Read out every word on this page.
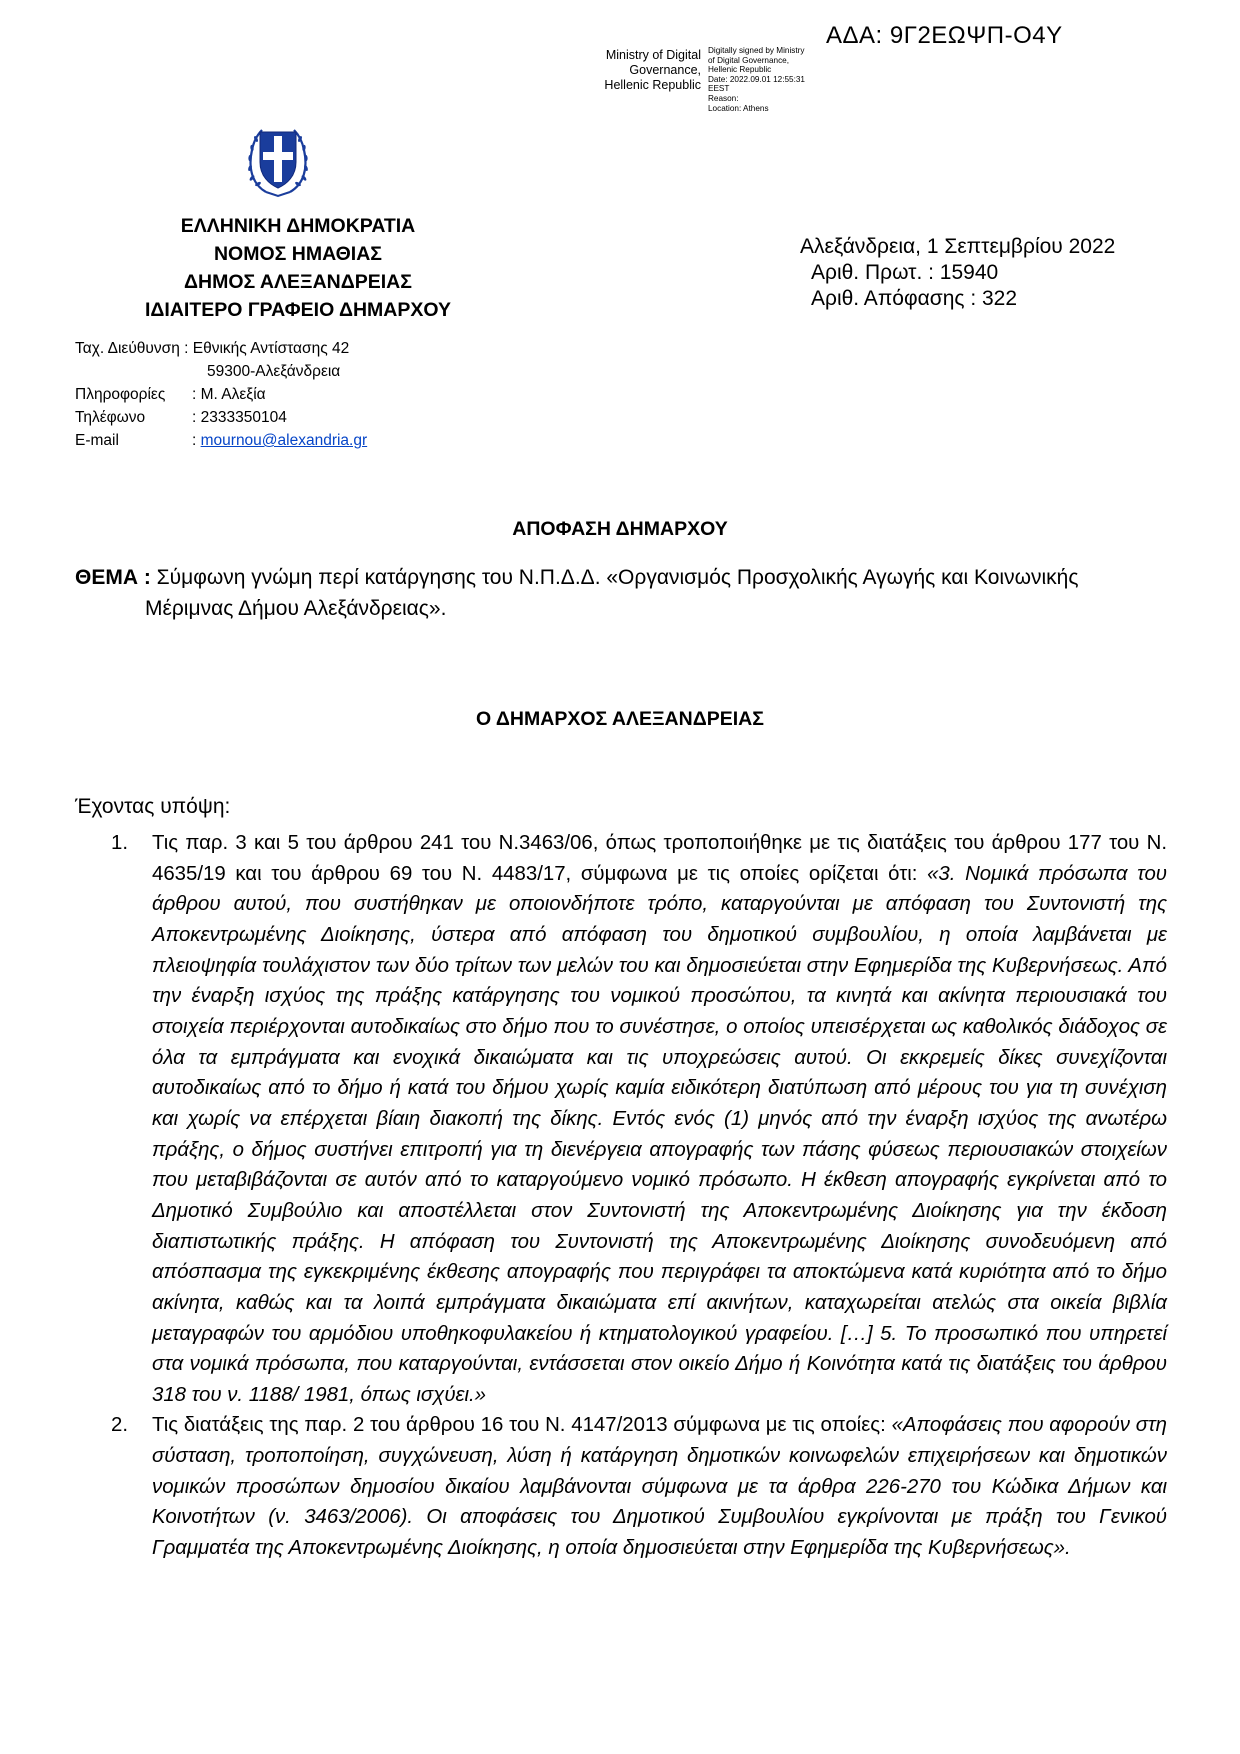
ΑΔΑ: 9Γ2ΕΩΨΠ-Ο4Υ
Ministry of Digital
Governance,
Hellenic Republic
Digitally signed by Ministry
of Digital Governance,
Hellenic Republic
Date: 2022.09.01 12:55:31
EEST
Reason:
Location: Athens
ΕΛΛΗΝΙΚΗ ΔΗΜΟΚΡΑΤΙΑ
ΝΟΜΟΣ ΗΜΑΘΙΑΣ
ΔΗΜΟΣ ΑΛΕΞΑΝΔΡΕΙΑΣ
ΙΔΙΑΙΤΕΡΟ ΓΡΑΦΕΙΟ ΔΗΜΑΡΧΟΥ
Ταχ. Διεύθυνση : Εθνικής Αντίστασης 42
59300-Αλεξάνδρεια
Πληροφορίες : Μ. Αλεξία
Τηλέφωνο	: 2333350104
E-mail	: mournou@alexandria.gr
Αλεξάνδρεια, 1 Σεπτεμβρίου 2022
Αριθ. Πρωτ. : 15940
Αριθ. Απόφασης : 322
ΑΠΟΦΑΣΗ ΔΗΜΑΡΧΟΥ
ΘΕΜΑ : Σύμφωνη γνώμη περί κατάργησης του Ν.Π.Δ.Δ. «Οργανισμός Προσχολικής Αγωγής και Κοινωνικής
Μέριμνας Δήμου Αλεξάνδρειας».
Ο ΔΗΜΑΡΧΟΣ ΑΛΕΞΑΝΔΡΕΙΑΣ
Έχοντας υπόψη:
1. Τις παρ. 3 και 5 του άρθρου 241 του Ν.3463/06, όπως τροποποιήθηκε με τις διατάξεις του άρθρου 177 του Ν. 4635/19 και του άρθρου 69 του Ν. 4483/17, σύμφωνα με τις οποίες ορίζεται ότι: «3. Νομικά πρόσωπα του άρθρου αυτού, που συστήθηκαν με οποιονδήποτε τρόπο, καταργούνται με απόφαση του Συντονιστή της Αποκεντρωμένης Διοίκησης, ύστερα από απόφαση του δημοτικού συμβουλίου, η οποία λαμβάνεται με πλειοψηφία τουλάχιστον των δύο τρίτων των μελών του και δημοσιεύεται στην Εφημερίδα της Κυβερνήσεως. Από την έναρξη ισχύος της πράξης κατάργησης του νομικού προσώπου, τα κινητά και ακίνητα περιουσιακά του στοιχεία περιέρχονται αυτοδικαίως στο δήμο που το συνέστησε, ο οποίος υπεισέρχεται ως καθολικός διάδοχος σε όλα τα εμπράγματα και ενοχικά δικαιώματα και τις υποχρεώσεις αυτού. Οι εκκρεμείς δίκες συνεχίζονται αυτοδικαίως από το δήμο ή κατά του δήμου χωρίς καμία ειδικότερη διατύπωση από μέρους του για τη συνέχιση και χωρίς να επέρχεται βίαιη διακοπή της δίκης. Εντός ενός (1) μηνός από την έναρξη ισχύος της ανωτέρω πράξης, ο δήμος συστήνει επιτροπή για τη διενέργεια απογραφής των πάσης φύσεως περιουσιακών στοιχείων που μεταβιβάζονται σε αυτόν από το καταργούμενο νομικό πρόσωπο. Η έκθεση απογραφής εγκρίνεται από το Δημοτικό Συμβούλιο και αποστέλλεται στον Συντονιστή της Αποκεντρωμένης Διοίκησης για την έκδοση διαπιστωτικής πράξης. Η απόφαση του Συντονιστή της Αποκεντρωμένης Διοίκησης συνοδευόμενη από απόσπασμα της εγκεκριμένης έκθεσης απογραφής που περιγράφει τα αποκτώμενα κατά κυριότητα από το δήμο ακίνητα, καθώς και τα λοιπά εμπράγματα δικαιώματα επί ακινήτων, καταχωρείται ατελώς στα οικεία βιβλία μεταγραφών του αρμόδιου υποθηκοφυλακείου ή κτηματολογικού γραφείου. […] 5. Το προσωπικό που υπηρετεί στα νομικά πρόσωπα, που καταργούνται, εντάσσεται στον οικείο Δήμο ή Κοινότητα κατά τις διατάξεις του άρθρου 318 του ν. 1188/ 1981, όπως ισχύει.»
2. Τις διατάξεις της παρ. 2 του άρθρου 16 του Ν. 4147/2013 σύμφωνα με τις οποίες: «Αποφάσεις που αφορούν στη σύσταση, τροποποίηση, συγχώνευση, λύση ή κατάργηση δημοτικών κοινωφελών επιχειρήσεων και δημοτικών νομικών προσώπων δημοσίου δικαίου λαμβάνονται σύμφωνα με τα άρθρα 226-270 του Κώδικα Δήμων και Κοινοτήτων (ν. 3463/2006). Οι αποφάσεις του Δημοτικού Συμβουλίου εγκρίνονται με πράξη του Γενικού Γραμματέα της Αποκεντρωμένης Διοίκησης, η οποία δημοσιεύεται στην Εφημερίδα της Κυβερνήσεως».
